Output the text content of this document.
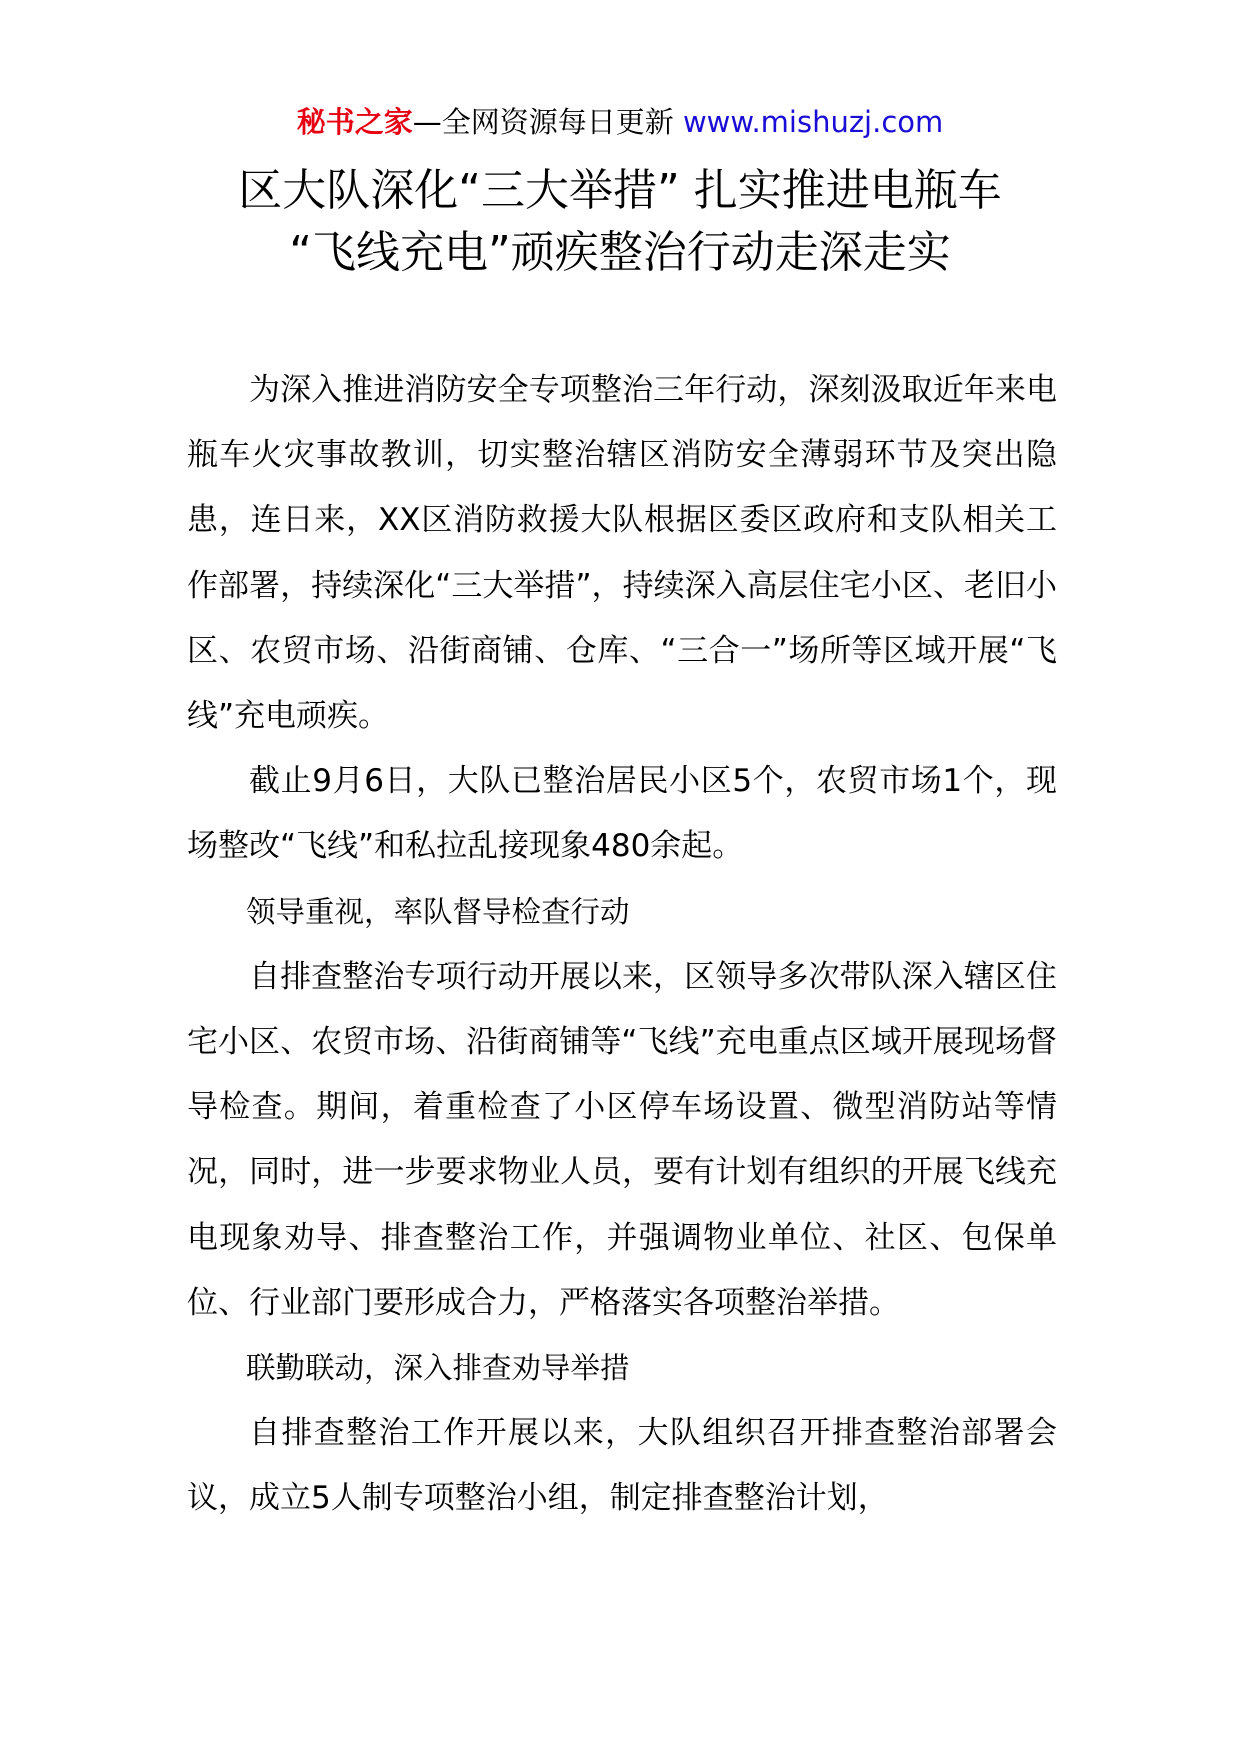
秘书之家—全网资源每日更新 www.mishuzj.com
区大队深化“三大举措” 扎实推进电瓶车
“飞线充电”顽疾整治行动走深走实

为深入推进消防安全专项整治三年行动，深刻汲取近年来电瓶车火灾事故教训，切实整治辖区消防安全薄弱环节及突出隐患，连日来，XX区消防救援大队根据区委区政府和支队相关工作部署，持续深化“三大举措”，持续深入高层住宅小区、老旧小区、农贸市场、沿街商铺、仓库、“三合一”场所等区域开展“飞线”充电顽疾。

截止9月6日，大队已整治居民小区5个，农贸市场1个，现场整改“飞线”和私拉乱接现象480余起。

领导重视，率队督导检查行动

自排查整治专项行动开展以来，区领导多次带队深入辖区住宅小区、农贸市场、沿街商铺等“飞线”充电重点区域开展现场督导检查。期间，着重检查了小区停车场设置、微型消防站等情况，同时，进一步要求物业人员，要有计划有组织的开展飞线充电现象劝导、排查整治工作，并强调物业单位、社区、包保单位、行业部门要形成合力，严格落实各项整治举措。

联勤联动，深入排查劝导举措

自排查整治工作开展以来，大队组织召开排查整治部署会议，成立5人制专项整治小组，制定排查整治计划，
